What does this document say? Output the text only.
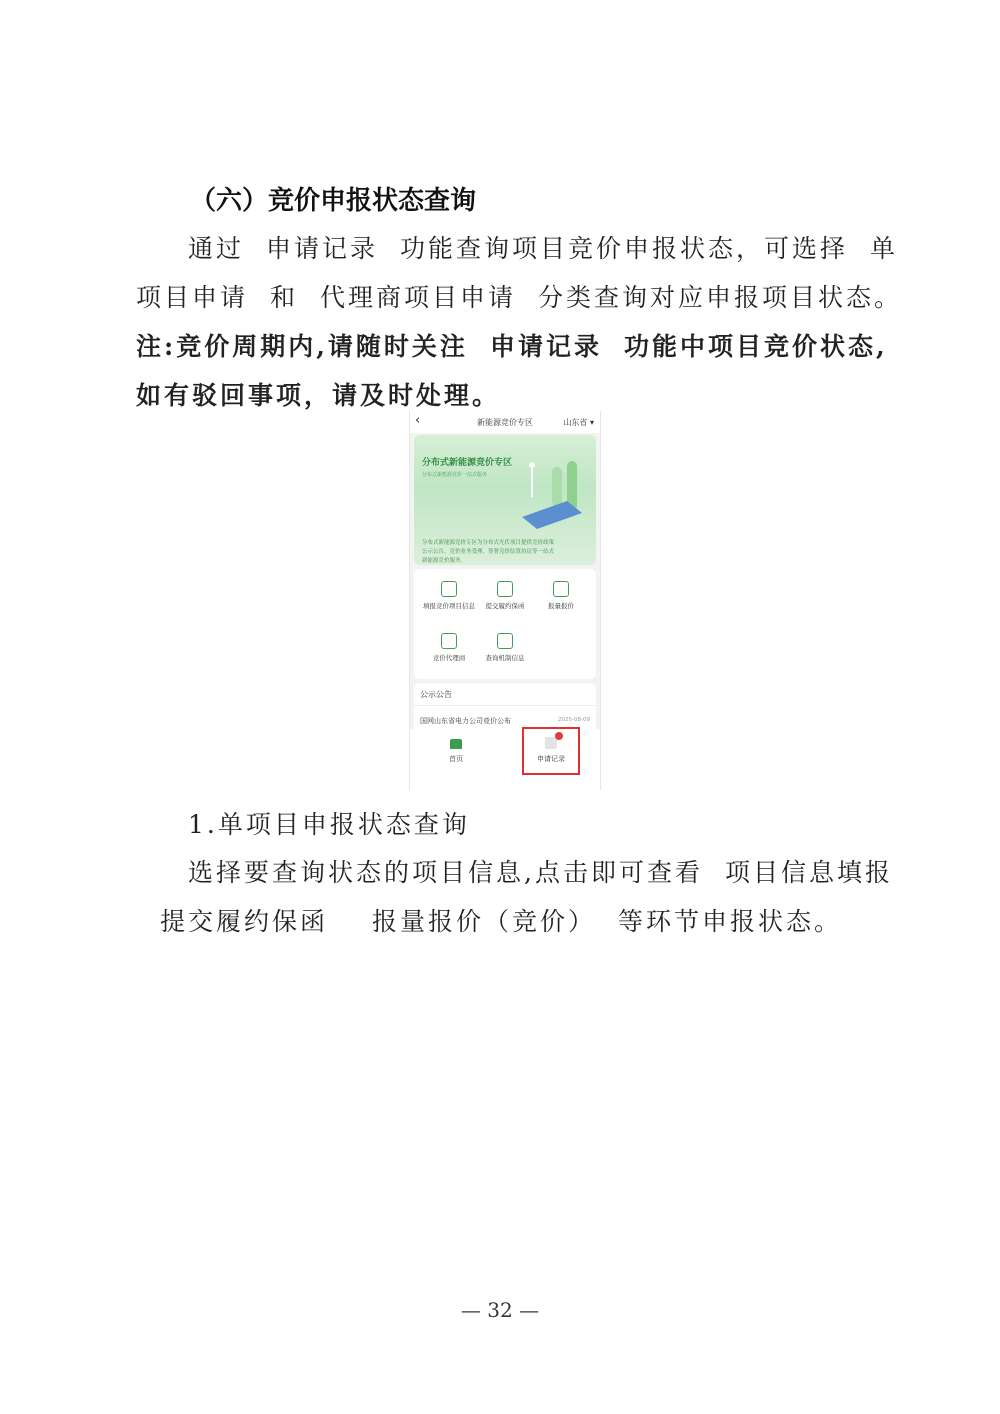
（六）竞价申报状态查询
通过 申请记录 功能查询项目竞价申报状态，可选择 单
项目申请 和 代理商项目申请 分类查询对应申报项目状态。
注:竞价周期内,请随时关注 申请记录 功能中项目竞价状态,
如有驳回事项，请及时处理。
‹	新能源竞价专区	山东省 ▾
分布式新能源竞价专区
分布式新能源竞价一站式服务
分布式新能源竞价专区为分布式光伏项目提供竞价政策公示公告、竞价业务受理、签署竞价结算协议等一站式新能源竞价服务。
填报竞价项目信息	提交履约保函	报量报价
竞价代理商	查询机制信息
公示公告
国网山东省电力公司竞价公布	2025-08-09
首页	申请记录
1.单项目申报状态查询
选择要查询状态的项目信息,点击即可查看 项目信息填报
提交履约保函 报量报价（竞价） 等环节申报状态。
— 32 —
